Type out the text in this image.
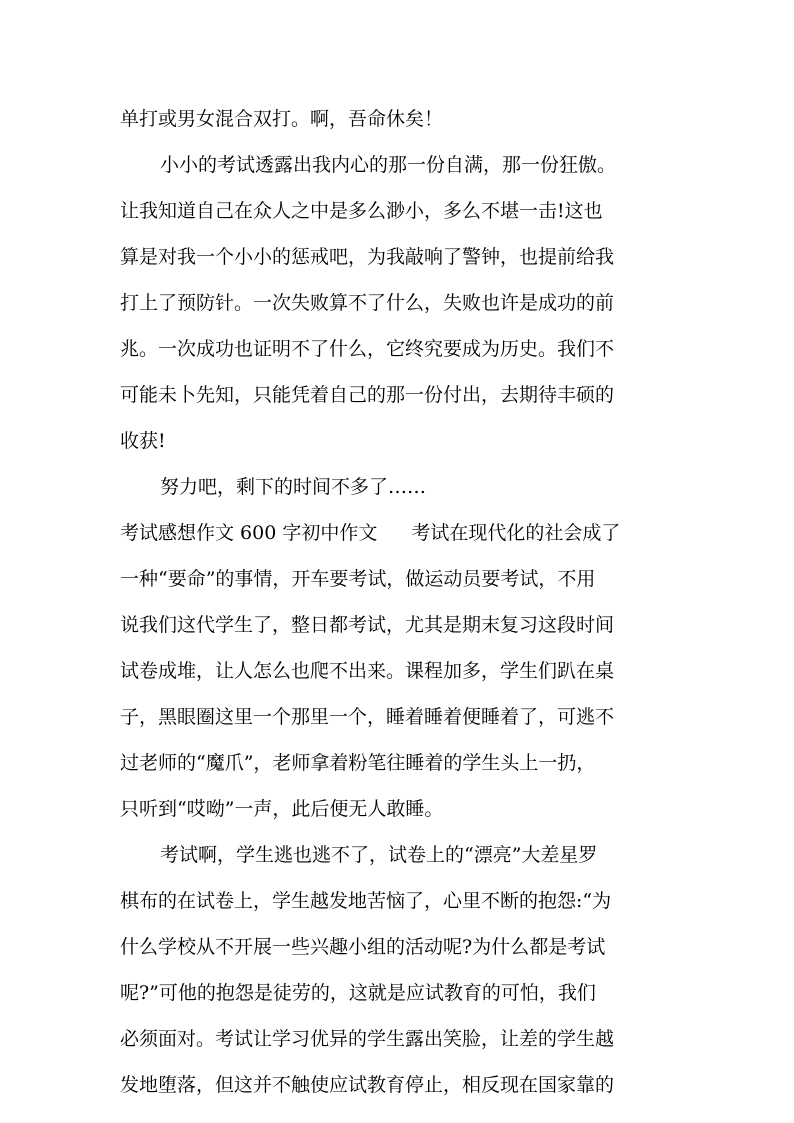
单打或男女混合双打。啊，吾命休矣！
小小的考试透露出我内心的那一份自满，那一份狂傲。
让我知道自己在众人之中是多么渺小，多么不堪一击!这也
算是对我一个小小的惩戒吧，为我敲响了警钟，也提前给我
打上了预防针。一次失败算不了什么，失败也许是成功的前
兆。一次成功也证明不了什么，它终究要成为历史。我们不
可能未卜先知，只能凭着自己的那一份付出，去期待丰硕的
收获!
努力吧，剩下的时间不多了……
考试感想作文 600 字初中作文 考试在现代化的社会成了
一种“要命”的事情，开车要考试，做运动员要考试，不用
说我们这代学生了，整日都考试，尤其是期末复习这段时间
试卷成堆，让人怎么也爬不出来。课程加多，学生们趴在桌
子，黑眼圈这里一个那里一个，睡着睡着便睡着了，可逃不
过老师的“魔爪”，老师拿着粉笔往睡着的学生头上一扔，
只听到“哎呦”一声，此后便无人敢睡。
考试啊，学生逃也逃不了，试卷上的“漂亮”大差星罗
棋布的在试卷上，学生越发地苦恼了，心里不断的抱怨:“为
什么学校从不开展一些兴趣小组的活动呢?为什么都是考试
呢?”可他的抱怨是徒劳的，这就是应试教育的可怕，我们
必须面对。考试让学习优异的学生露出笑脸，让差的学生越
发地堕落，但这并不触使应试教育停止，相反现在国家靠的
